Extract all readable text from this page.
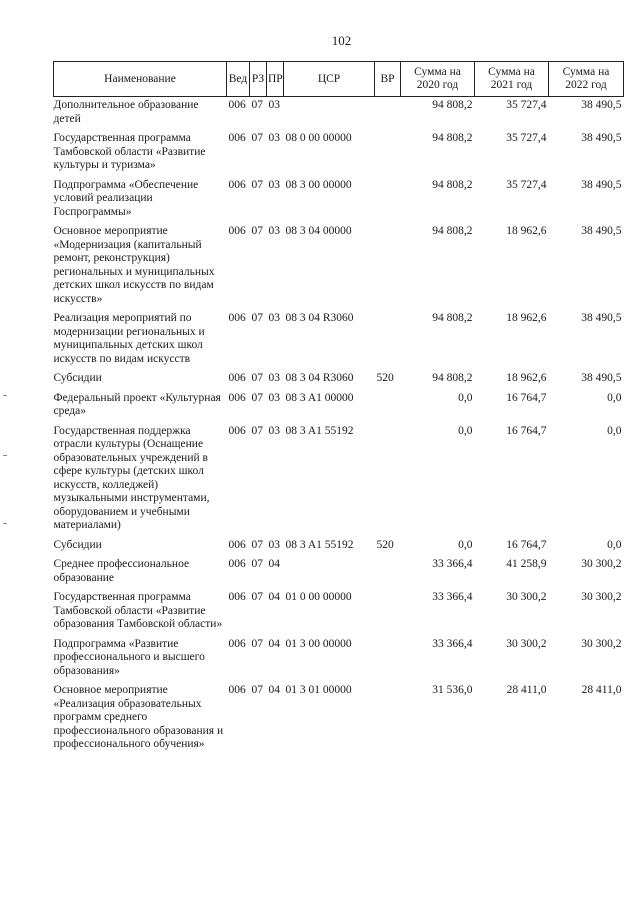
102
Наименование	Вед	РЗ	ПР	ЦСР	ВР	Сумма на 2020 год	Сумма на 2021 год	Сумма на 2022 год
Дополнительное образование детей	006	07	03			94 808,2	35 727,4	38 490,5
Государственная программа Тамбовской области «Развитие культуры и туризма»	006	07	03	08 0 00 00000		94 808,2	35 727,4	38 490,5
Подпрограмма «Обеспечение условий реализации Госпрограммы»	006	07	03	08 3 00 00000		94 808,2	35 727,4	38 490,5
Основное мероприятие «Модернизация (капитальный ремонт, реконструкция) региональных и муниципальных детских школ искусств по видам искусств»	006	07	03	08 3 04 00000		94 808,2	18 962,6	38 490,5
Реализация мероприятий по модернизации региональных и муниципальных детских школ искусств по видам искусств	006	07	03	08 3 04 R3060		94 808,2	18 962,6	38 490,5
Субсидии	006	07	03	08 3 04 R3060	520	94 808,2	18 962,6	38 490,5
Федеральный проект «Культурная среда»	006	07	03	08 3 A1 00000		0,0	16 764,7	0,0
Государственная поддержка отрасли культуры (Оснащение образовательных учреждений в сфере культуры (детских школ искусств, колледжей) музыкальными инструментами, оборудованием и учебными материалами)	006	07	03	08 3 A1 55192		0,0	16 764,7	0,0
Субсидии	006	07	03	08 3 A1 55192	520	0,0	16 764,7	0,0
Среднее профессиональное образование	006	07	04			33 366,4	41 258,9	30 300,2
Государственная программа Тамбовской области «Развитие образования Тамбовской области»	006	07	04	01 0 00 00000		33 366,4	30 300,2	30 300,2
Подпрограмма «Развитие профессионального и высшего образования»	006	07	04	01 3 00 00000		33 366,4	30 300,2	30 300,2
Основное мероприятие «Реализация образовательных программ среднего профессионального образования и профессионального обучения»	006	07	04	01 3 01 00000		31 536,0	28 411,0	28 411,0
